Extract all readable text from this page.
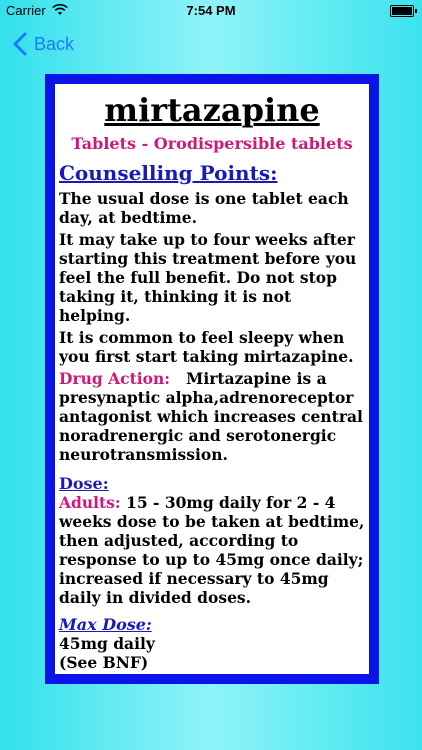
Carrier	7:54 PM
Back
mirtazapine
Tablets - Orodispersible tablets
Counselling Points:

The usual dose is one tablet each day, at bedtime.

It may take up to four weeks after starting this treatment before you feel the full benefit. Do not stop taking it, thinking it is not helping.

It is common to feel sleepy when you first start taking mirtazapine.

Drug Action: Mirtazapine is a presynaptic alpha,adrenoreceptor antagonist which increases central noradrenergic and serotonergic neurotransmission.

Dose:

Adults: 15 - 30mg daily for 2 - 4 weeks dose to be taken at bedtime, then adjusted, according to response to up to 45mg once daily; increased if necessary to 45mg daily in divided doses.

Max Dose:

45mg daily

(See BNF)
